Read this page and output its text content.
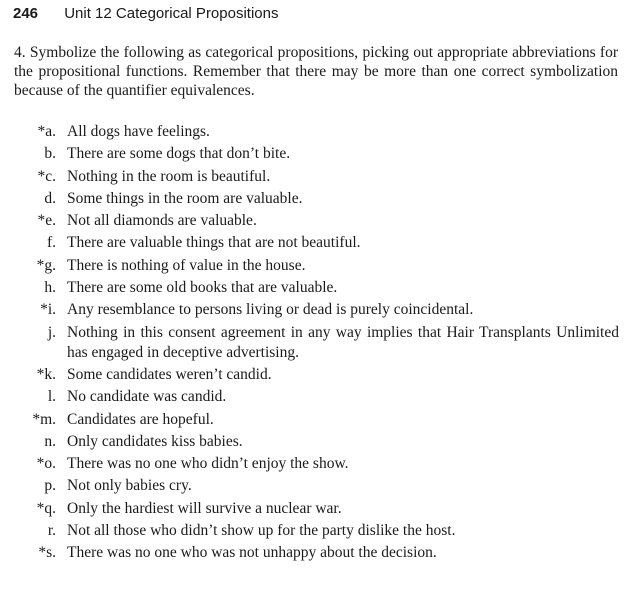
246 Unit 12 Categorical Propositions

4. Symbolize the following as categorical propositions, picking out appropriate abbreviations for the propositional functions. Remember that there may be more than one correct symbolization because of the quantifier equivalences.

*a. All dogs have feelings.
b. There are some dogs that don’t bite.
*c. Nothing in the room is beautiful.
d. Some things in the room are valuable.
*e. Not all diamonds are valuable.
f. There are valuable things that are not beautiful.
*g. There is nothing of value in the house.
h. There are some old books that are valuable.
*i. Any resemblance to persons living or dead is purely coincidental.
j. Nothing in this consent agreement in any way implies that Hair Transplants Unlimited has engaged in deceptive advertising.
*k. Some candidates weren’t candid.
l. No candidate was candid.
*m. Candidates are hopeful.
n. Only candidates kiss babies.
*o. There was no one who didn’t enjoy the show.
p. Not only babies cry.
*q. Only the hardiest will survive a nuclear war.
r. Not all those who didn’t show up for the party dislike the host.
*s. There was no one who was not unhappy about the decision.
